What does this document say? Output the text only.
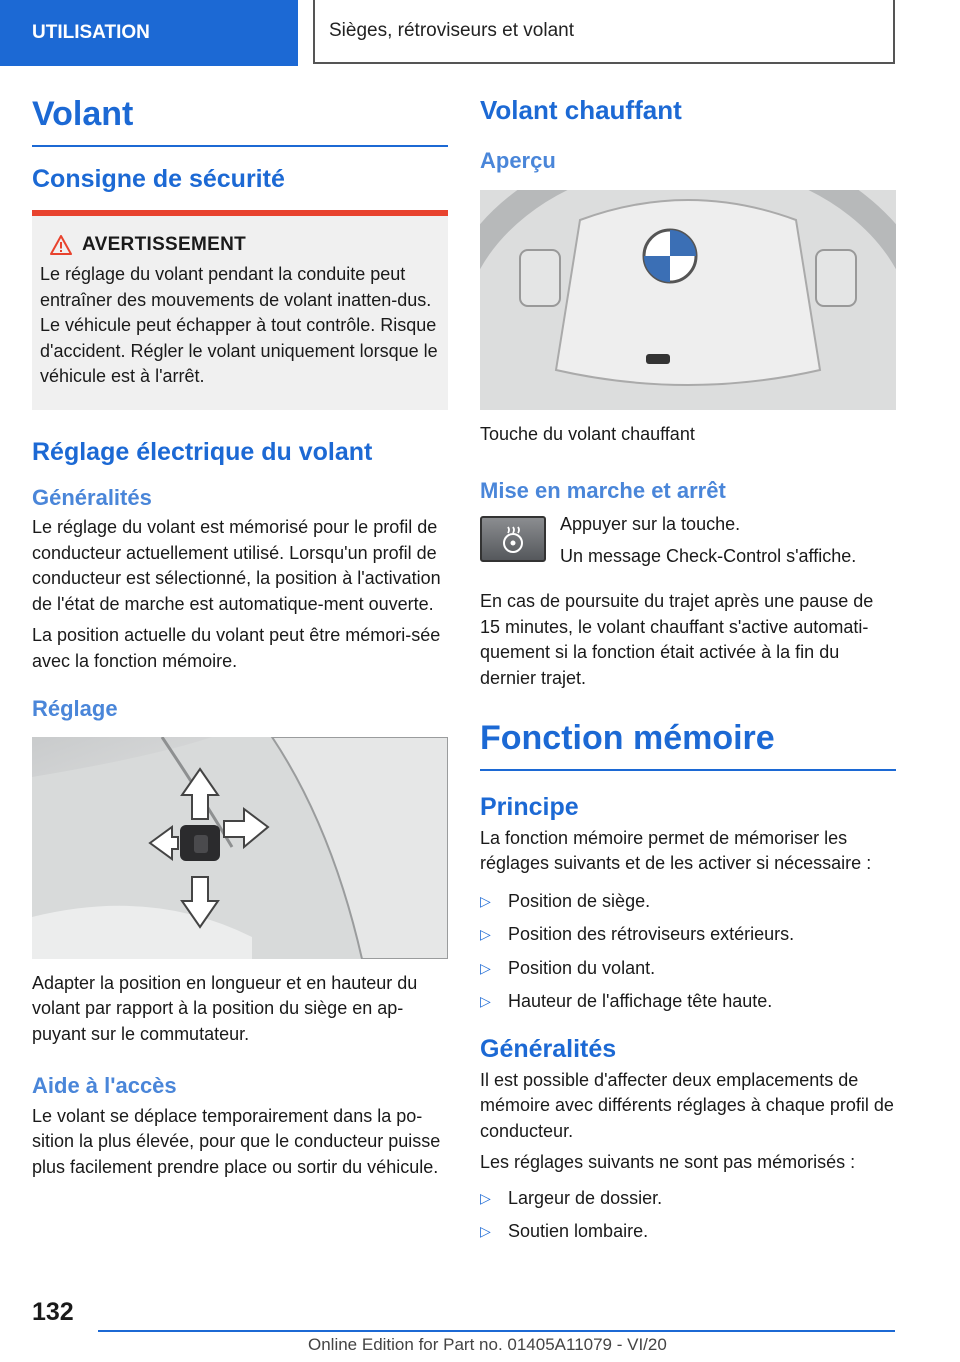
UTILISATION	Sièges, rétroviseurs et volant
Volant
Consigne de sécurité
AVERTISSEMENT

Le réglage du volant pendant la conduite peut entraîner des mouvements de volant inatten-dus. Le véhicule peut échapper à tout contrôle. Risque d'accident. Régler le volant uniquement lorsque le véhicule est à l'arrêt.

Réglage électrique du volant
Généralités

Le réglage du volant est mémorisé pour le profil de conducteur actuellement utilisé. Lorsqu'un profil de conducteur est sélectionné, la position à l'activation de l'état de marche est automatique-ment ouverte.

La position actuelle du volant peut être mémori-sée avec la fonction mémoire.

Réglage

Adapter la position en longueur et en hauteur du volant par rapport à la position du siège en ap-puyant sur le commutateur.

Aide à l'accès

Le volant se déplace temporairement dans la po-sition la plus élevée, pour que le conducteur puisse plus facilement prendre place ou sortir du véhicule.

Volant chauffant
Aperçu

Touche du volant chauffant

Mise en marche et arrêt

Appuyer sur la touche.

Un message Check-Control s'affiche.

En cas de poursuite du trajet après une pause de 15 minutes, le volant chauffant s'active automati-quement si la fonction était activée à la fin du dernier trajet.

Fonction mémoire
Principe

La fonction mémoire permet de mémoriser les réglages suivants et de les activer si nécessaire :

▷ Position de siège.
▷ Position des rétroviseurs extérieurs.
▷ Position du volant.
▷ Hauteur de l'affichage tête haute.
Généralités

Il est possible d'affecter deux emplacements de mémoire avec différents réglages à chaque profil de conducteur.

Les réglages suivants ne sont pas mémorisés :

▷ Largeur de dossier.
▷ Soutien lombaire.
132
Online Edition for Part no. 01405A11079 - VI/20
